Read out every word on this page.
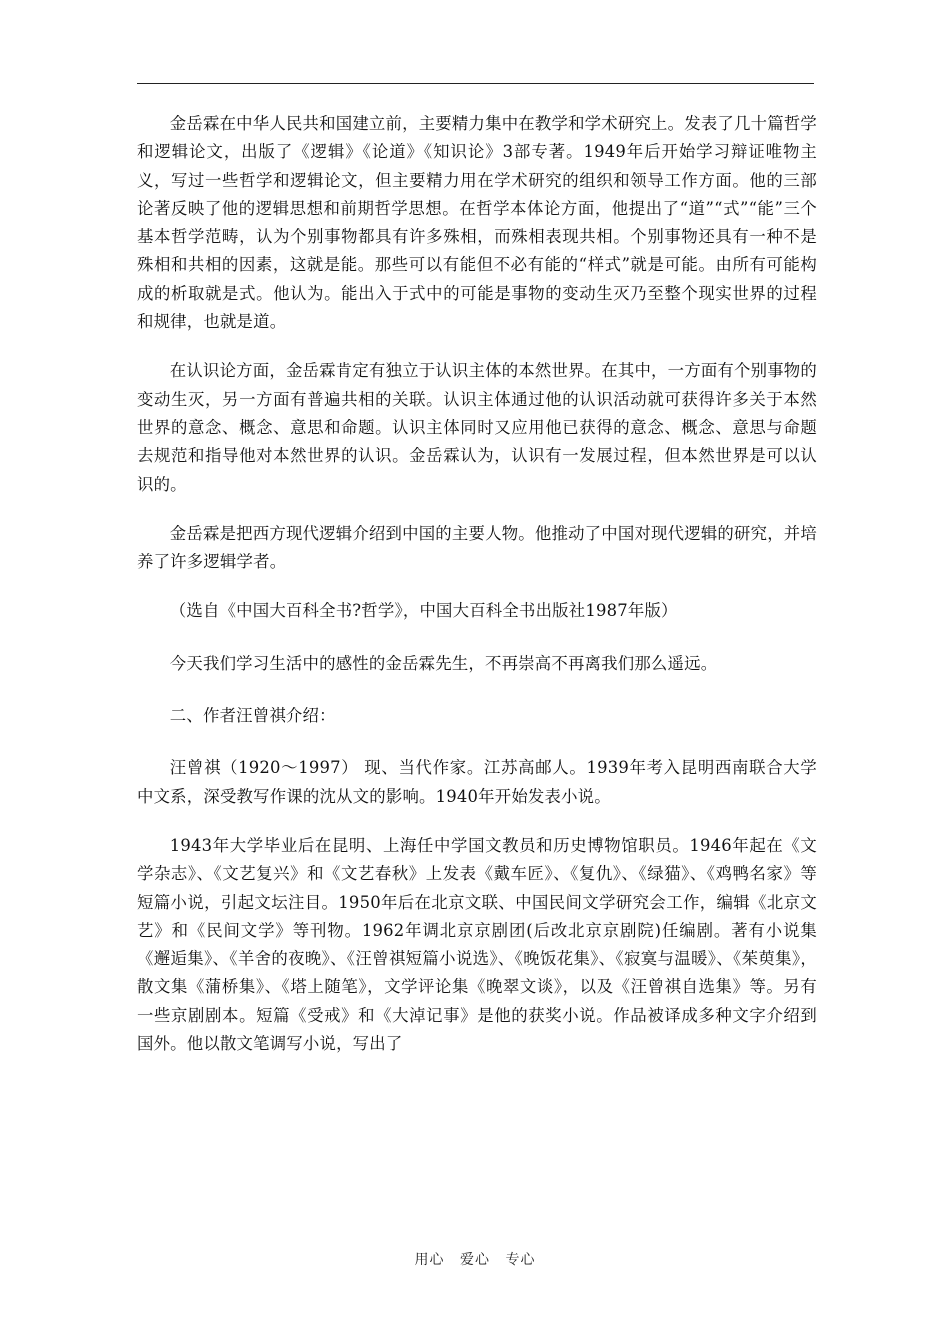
金岳霖在中华人民共和国建立前，主要精力集中在教学和学术研究上。发表了几十篇哲学和逻辑论文，出版了《逻辑》《论道》《知识论》3部专著。1949年后开始学习辩证唯物主义，写过一些哲学和逻辑论文，但主要精力用在学术研究的组织和领导工作方面。他的三部论著反映了他的逻辑思想和前期哲学思想。在哲学本体论方面，他提出了“道”“式”“能”三个基本哲学范畴，认为个别事物都具有许多殊相，而殊相表现共相。个别事物还具有一种不是殊相和共相的因素，这就是能。那些可以有能但不必有能的“样式”就是可能。由所有可能构成的析取就是式。他认为。能出入于式中的可能是事物的变动生灭乃至整个现实世界的过程和规律，也就是道。

在认识论方面，金岳霖肯定有独立于认识主体的本然世界。在其中，一方面有个别事物的变动生灭，另一方面有普遍共相的关联。认识主体通过他的认识活动就可获得许多关于本然世界的意念、概念、意思和命题。认识主体同时又应用他已获得的意念、概念、意思与命题去规范和指导他对本然世界的认识。金岳霖认为，认识有一发展过程，但本然世界是可以认识的。

金岳霖是把西方现代逻辑介绍到中国的主要人物。他推动了中国对现代逻辑的研究，并培养了许多逻辑学者。

（选自《中国大百科全书?哲学》，中国大百科全书出版社1987年版）

今天我们学习生活中的感性的金岳霖先生，不再崇高不再离我们那么遥远。

二、作者汪曾祺介绍：

汪曾祺（1920～1997） 现、当代作家。江苏高邮人。1939年考入昆明西南联合大学中文系，深受教写作课的沈从文的影响。1940年开始发表小说。

1943年大学毕业后在昆明、上海任中学国文教员和历史博物馆职员。1946年起在《文学杂志》、《文艺复兴》和《文艺春秋》上发表《戴车匠》、《复仇》、《绿猫》、《鸡鸭名家》等短篇小说，引起文坛注目。1950年后在北京文联、中国民间文学研究会工作，编辑《北京文艺》和《民间文学》等刊物。1962年调北京京剧团(后改北京京剧院)任编剧。著有小说集《邂逅集》、《羊舍的夜晚》、《汪曾祺短篇小说选》、《晚饭花集》、《寂寞与温暖》、《茱萸集》，散文集《蒲桥集》、《塔上随笔》，文学评论集《晚翠文谈》，以及《汪曾祺自选集》等。另有一些京剧剧本。短篇《受戒》和《大淖记事》是他的获奖小说。作品被译成多种文字介绍到国外。他以散文笔调写小说，写出了

用心 爱心 专心
